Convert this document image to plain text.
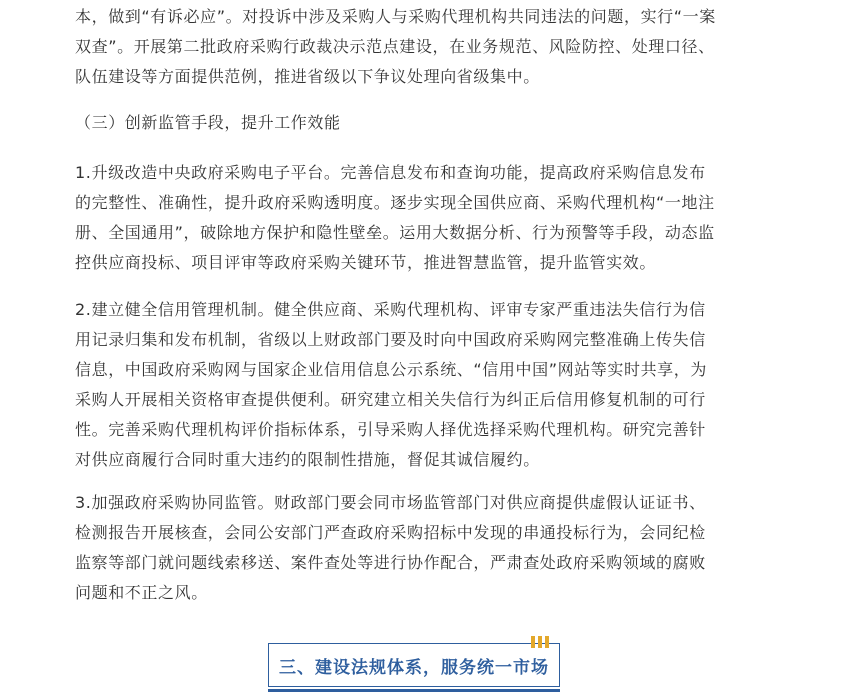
本，做到“有诉必应”。对投诉中涉及采购人与采购代理机构共同违法的问题，实行“一案
双查”。开展第二批政府采购行政裁决示范点建设，在业务规范、风险防控、处理口径、
队伍建设等方面提供范例，推进省级以下争议处理向省级集中。

（三）创新监管手段，提升工作效能

1.升级改造中央政府采购电子平台。完善信息发布和查询功能，提高政府采购信息发布
的完整性、准确性，提升政府采购透明度。逐步实现全国供应商、采购代理机构“一地注
册、全国通用”，破除地方保护和隐性壁垒。运用大数据分析、行为预警等手段，动态监
控供应商投标、项目评审等政府采购关键环节，推进智慧监管，提升监管实效。

2.建立健全信用管理机制。健全供应商、采购代理机构、评审专家严重违法失信行为信
用记录归集和发布机制，省级以上财政部门要及时向中国政府采购网完整准确上传失信
信息，中国政府采购网与国家企业信用信息公示系统、“信用中国”网站等实时共享，为
采购人开展相关资格审查提供便利。研究建立相关失信行为纠正后信用修复机制的可行
性。完善采购代理机构评价指标体系，引导采购人择优选择采购代理机构。研究完善针
对供应商履行合同时重大违约的限制性措施，督促其诚信履约。

3.加强政府采购协同监管。财政部门要会同市场监管部门对供应商提供虚假认证证书、
检测报告开展核查，会同公安部门严查政府采购招标中发现的串通投标行为，会同纪检
监察等部门就问题线索移送、案件查处等进行协作配合，严肃查处政府采购领域的腐败
问题和不正之风。

三、建设法规体系，服务统一市场
